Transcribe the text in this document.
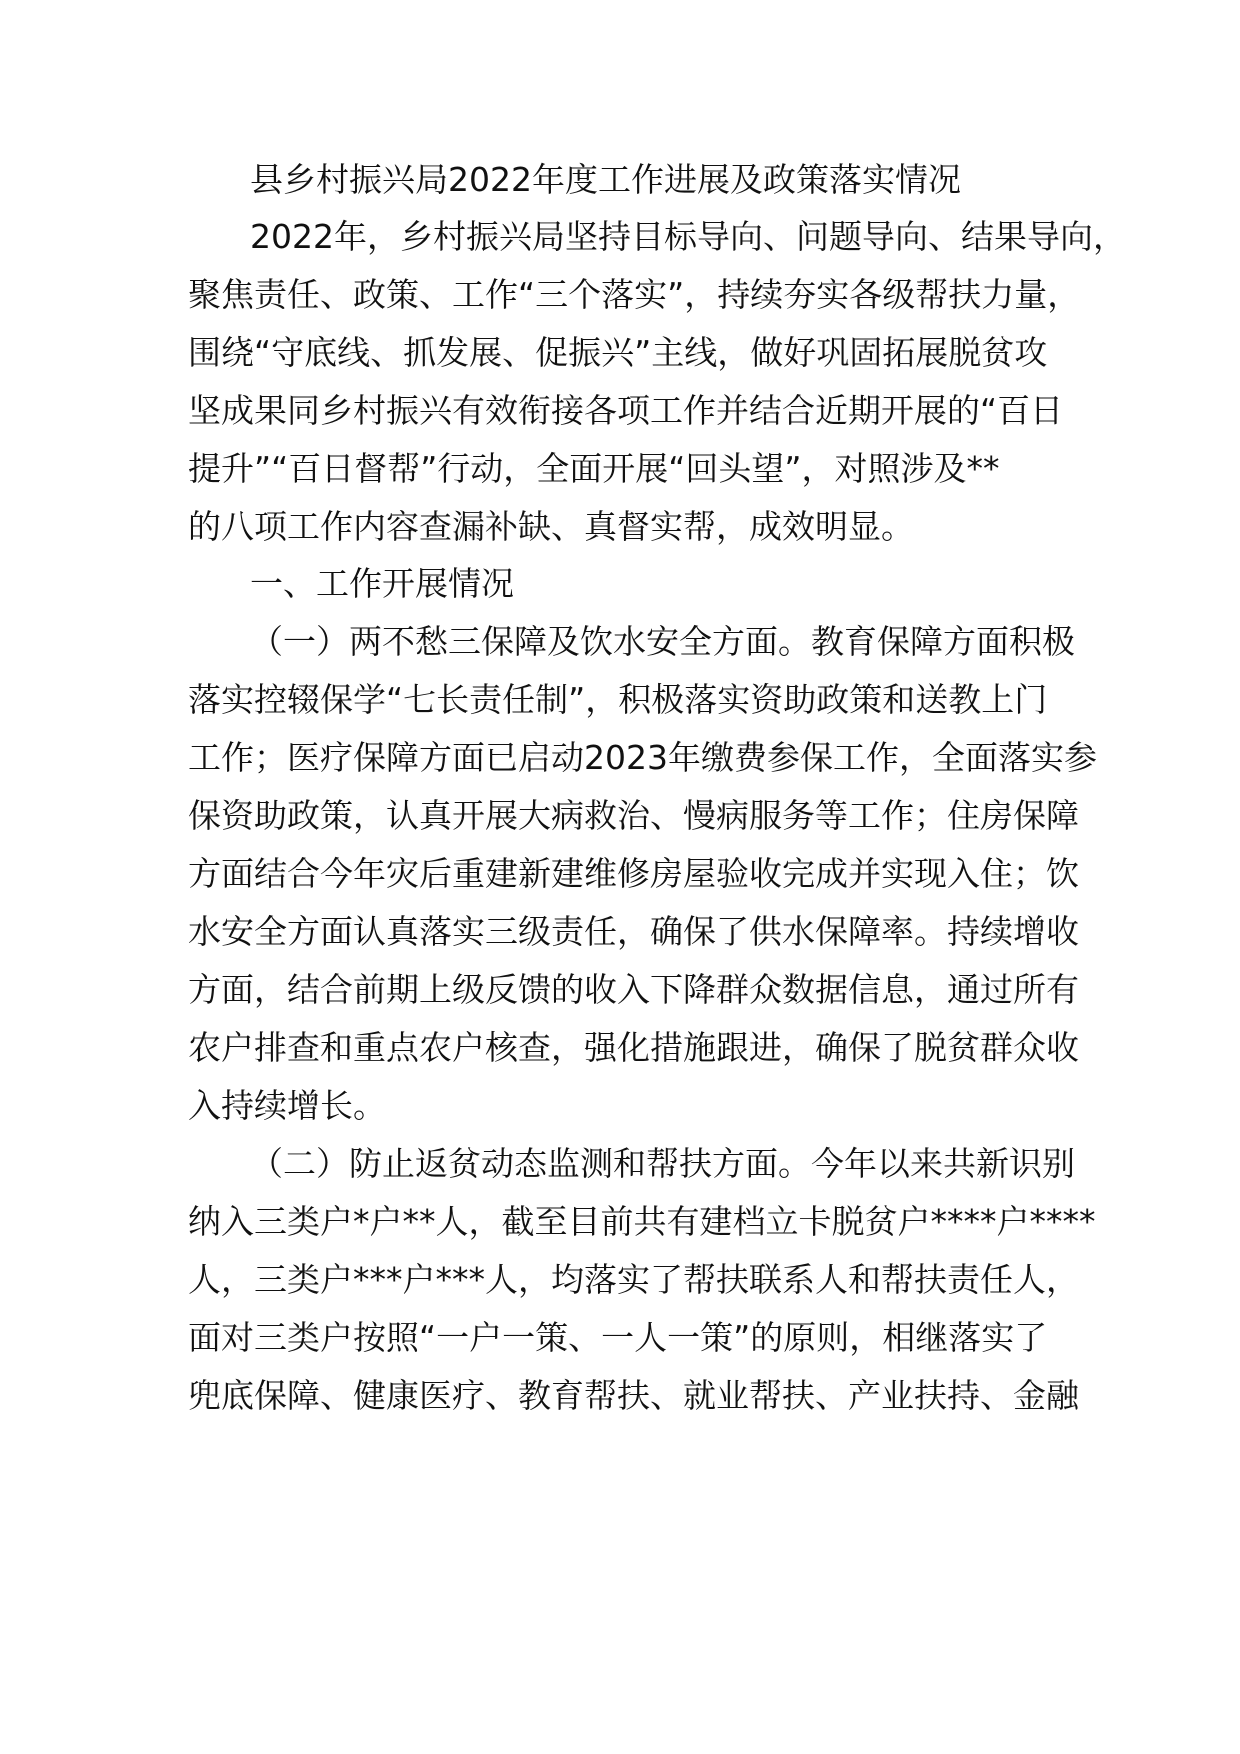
县乡村振兴局2022年度工作进展及政策落实情况
2022年，乡村振兴局坚持目标导向、问题导向、结果导向，
聚焦责任、政策、工作“三个落实”，持续夯实各级帮扶力量，
围绕“守底线、抓发展、促振兴”主线，做好巩固拓展脱贫攻
坚成果同乡村振兴有效衔接各项工作并结合近期开展的“百日
提升”“百日督帮”行动，全面开展“回头望”，对照涉及**
的八项工作内容查漏补缺、真督实帮，成效明显。
一、工作开展情况
（一）两不愁三保障及饮水安全方面。教育保障方面积极
落实控辍保学“七长责任制”，积极落实资助政策和送教上门
工作；医疗保障方面已启动2023年缴费参保工作，全面落实参
保资助政策，认真开展大病救治、慢病服务等工作；住房保障
方面结合今年灾后重建新建维修房屋验收完成并实现入住；饮
水安全方面认真落实三级责任，确保了供水保障率。持续增收
方面，结合前期上级反馈的收入下降群众数据信息，通过所有
农户排查和重点农户核查，强化措施跟进，确保了脱贫群众收
入持续增长。
（二）防止返贫动态监测和帮扶方面。今年以来共新识别
纳入三类户*户**人，截至目前共有建档立卡脱贫户****户****
人，三类户***户***人，均落实了帮扶联系人和帮扶责任人，
面对三类户按照“一户一策、一人一策”的原则，相继落实了
兜底保障、健康医疗、教育帮扶、就业帮扶、产业扶持、金融
